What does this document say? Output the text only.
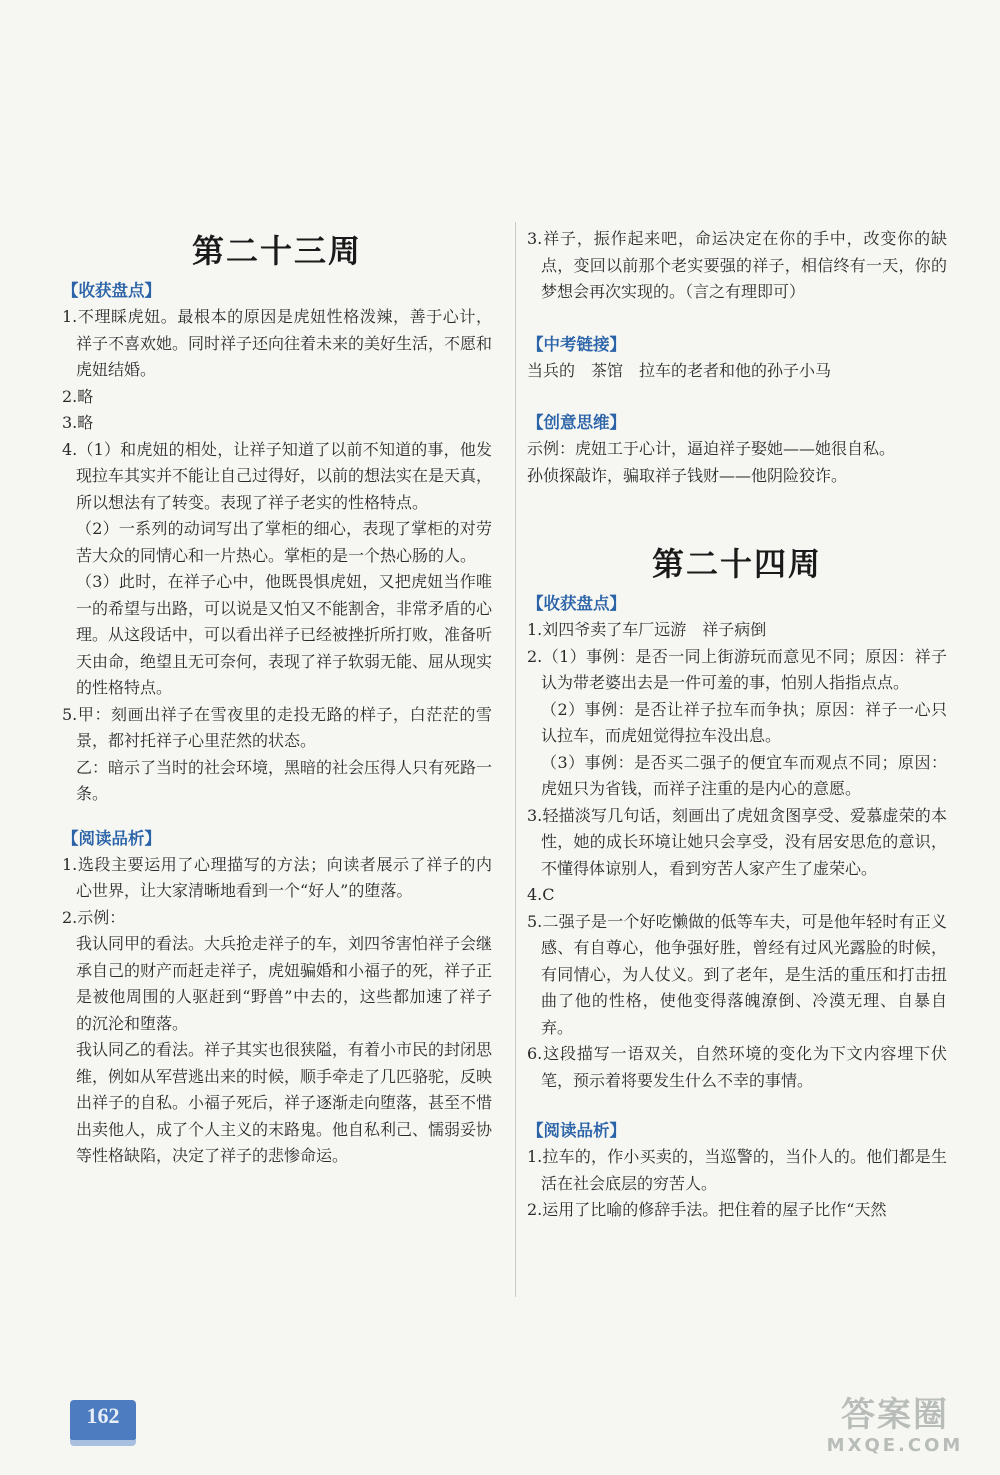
第二十三周
【收获盘点】
1.不理睬虎妞。最根本的原因是虎妞性格泼辣，善于心计，祥子不喜欢她。同时祥子还向往着未来的美好生活，不愿和虎妞结婚。
2.略
3.略
4.（1）和虎妞的相处，让祥子知道了以前不知道的事，他发现拉车其实并不能让自己过得好，以前的想法实在是天真，所以想法有了转变。表现了祥子老实的性格特点。
（2）一系列的动词写出了掌柜的细心，表现了掌柜的对劳苦大众的同情心和一片热心。掌柜的是一个热心肠的人。
（3）此时，在祥子心中，他既畏惧虎妞，又把虎妞当作唯一的希望与出路，可以说是又怕又不能割舍，非常矛盾的心理。从这段话中，可以看出祥子已经被挫折所打败，准备听天由命，绝望且无可奈何，表现了祥子软弱无能、屈从现实的性格特点。
5.甲：刻画出祥子在雪夜里的走投无路的样子，白茫茫的雪景，都衬托祥子心里茫然的状态。
乙：暗示了当时的社会环境，黑暗的社会压得人只有死路一条。
【阅读品析】
1.选段主要运用了心理描写的方法；向读者展示了祥子的内心世界，让大家清晰地看到一个“好人”的堕落。
2.示例：
我认同甲的看法。大兵抢走祥子的车，刘四爷害怕祥子会继承自己的财产而赶走祥子，虎妞骗婚和小福子的死，祥子正是被他周围的人驱赶到“野兽”中去的，这些都加速了祥子的沉沦和堕落。
我认同乙的看法。祥子其实也很狭隘，有着小市民的封闭思维，例如从军营逃出来的时候，顺手牵走了几匹骆驼，反映出祥子的自私。小福子死后，祥子逐渐走向堕落，甚至不惜出卖他人，成了个人主义的末路鬼。他自私利己、懦弱妥协等性格缺陷，决定了祥子的悲惨命运。
3.祥子，振作起来吧，命运决定在你的手中，改变你的缺点，变回以前那个老实要强的祥子，相信终有一天，你的梦想会再次实现的。（言之有理即可）
【中考链接】
当兵的　茶馆　拉车的老者和他的孙子小马
【创意思维】
示例：虎妞工于心计，逼迫祥子娶她——她很自私。
孙侦探敲诈，骗取祥子钱财——他阴险狡诈。
第二十四周
【收获盘点】
1.刘四爷卖了车厂远游　祥子病倒
2.（1）事例：是否一同上街游玩而意见不同；原因：祥子认为带老婆出去是一件可羞的事，怕别人指指点点。
（2）事例：是否让祥子拉车而争执；原因：祥子一心只认拉车，而虎妞觉得拉车没出息。
（3）事例：是否买二强子的便宜车而观点不同；原因：虎妞只为省钱，而祥子注重的是内心的意愿。
3.轻描淡写几句话，刻画出了虎妞贪图享受、爱慕虚荣的本性，她的成长环境让她只会享受，没有居安思危的意识，不懂得体谅别人，看到穷苦人家产生了虚荣心。
4.C
5.二强子是一个好吃懒做的低等车夫，可是他年轻时有正义感、有自尊心，他争强好胜，曾经有过风光露脸的时候，有同情心，为人仗义。到了老年，是生活的重压和打击扭曲了他的性格，使他变得落魄潦倒、冷漠无理、自暴自弃。
6.这段描写一语双关，自然环境的变化为下文内容埋下伏笔，预示着将要发生什么不幸的事情。
【阅读品析】
1.拉车的，作小买卖的，当巡警的，当仆人的。他们都是生活在社会底层的穷苦人。
2.运用了比喻的修辞手法。把住着的屋子比作“天然
162	答案圈
MXQE.COM
